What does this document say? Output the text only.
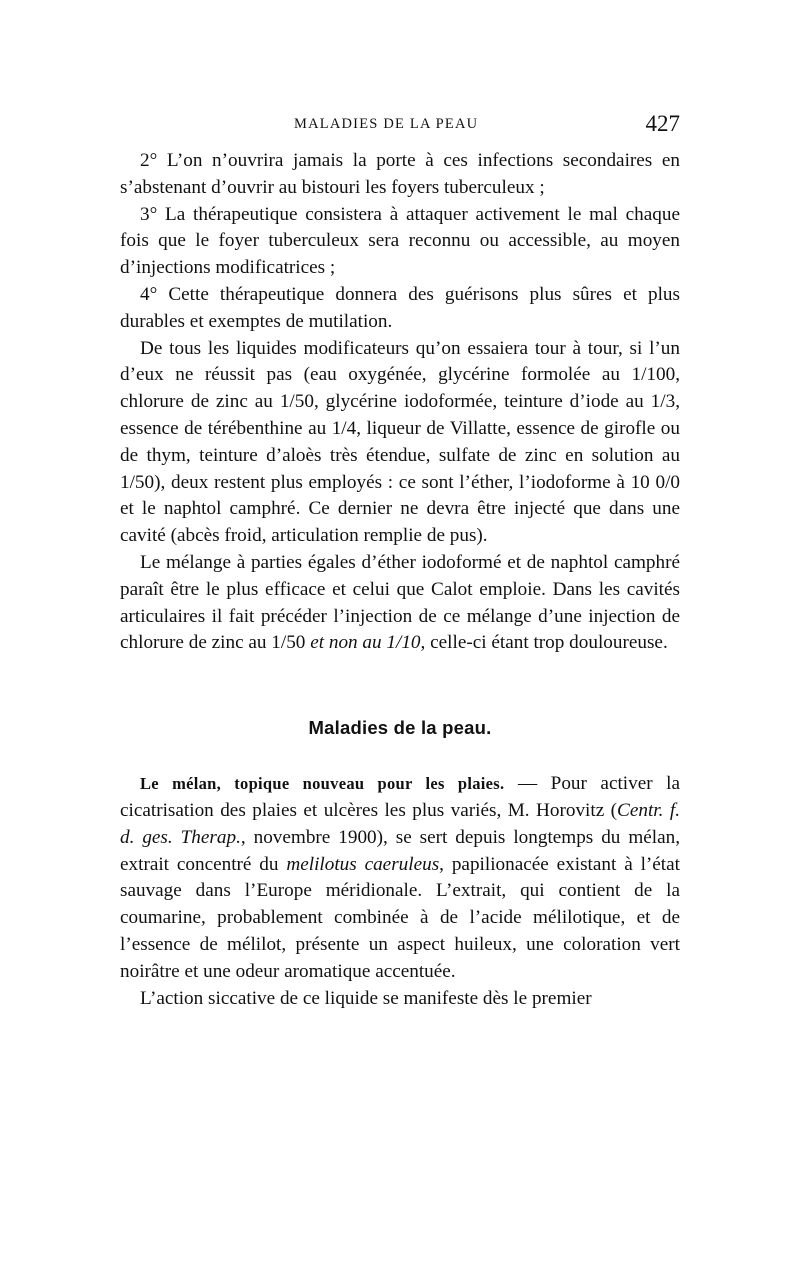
MALADIES DE LA PEAU	427

2° L’on n’ouvrira jamais la porte à ces infections secondaires en s’abstenant d’ouvrir au bistouri les foyers tuberculeux ;

3° La thérapeutique consistera à attaquer activement le mal chaque fois que le foyer tuberculeux sera reconnu ou accessible, au moyen d’injections modificatrices ;

4° Cette thérapeutique donnera des guérisons plus sûres et plus durables et exemptes de mutilation.

De tous les liquides modificateurs qu’on essaiera tour à tour, si l’un d’eux ne réussit pas (eau oxygénée, glycérine formolée au 1/100, chlorure de zinc au 1/50, glycérine iodoformée, teinture d’iode au 1/3, essence de térébenthine au 1/4, liqueur de Villatte, essence de girofle ou de thym, teinture d’aloès très étendue, sulfate de zinc en solution au 1/50), deux restent plus employés : ce sont l’éther, l’iodoforme à 10 0/0 et le naphtol camphré. Ce dernier ne devra être injecté que dans une cavité (abcès froid, articulation remplie de pus).

Le mélange à parties égales d’éther iodoformé et de naphtol camphré paraît être le plus efficace et celui que Calot emploie. Dans les cavités articulaires il fait précéder l’injection de ce mélange d’une injection de chlorure de zinc au 1/50 et non au 1/10, celle-ci étant trop douloureuse.

Maladies de la peau.

Le mélan, topique nouveau pour les plaies. — Pour activer la cicatrisation des plaies et ulcères les plus variés, M. Horovitz (Centr. f. d. ges. Therap., novembre 1900), se sert depuis longtemps du mélan, extrait concentré du melilotus caeruleus, papilionacée existant à l’état sauvage dans l’Europe méridionale. L’extrait, qui contient de la coumarine, probablement combinée à de l’acide mélilotique, et de l’essence de mélilot, présente un aspect huileux, une coloration vert noirâtre et une odeur aromatique accentuée.

L’action siccative de ce liquide se manifeste dès le premier
